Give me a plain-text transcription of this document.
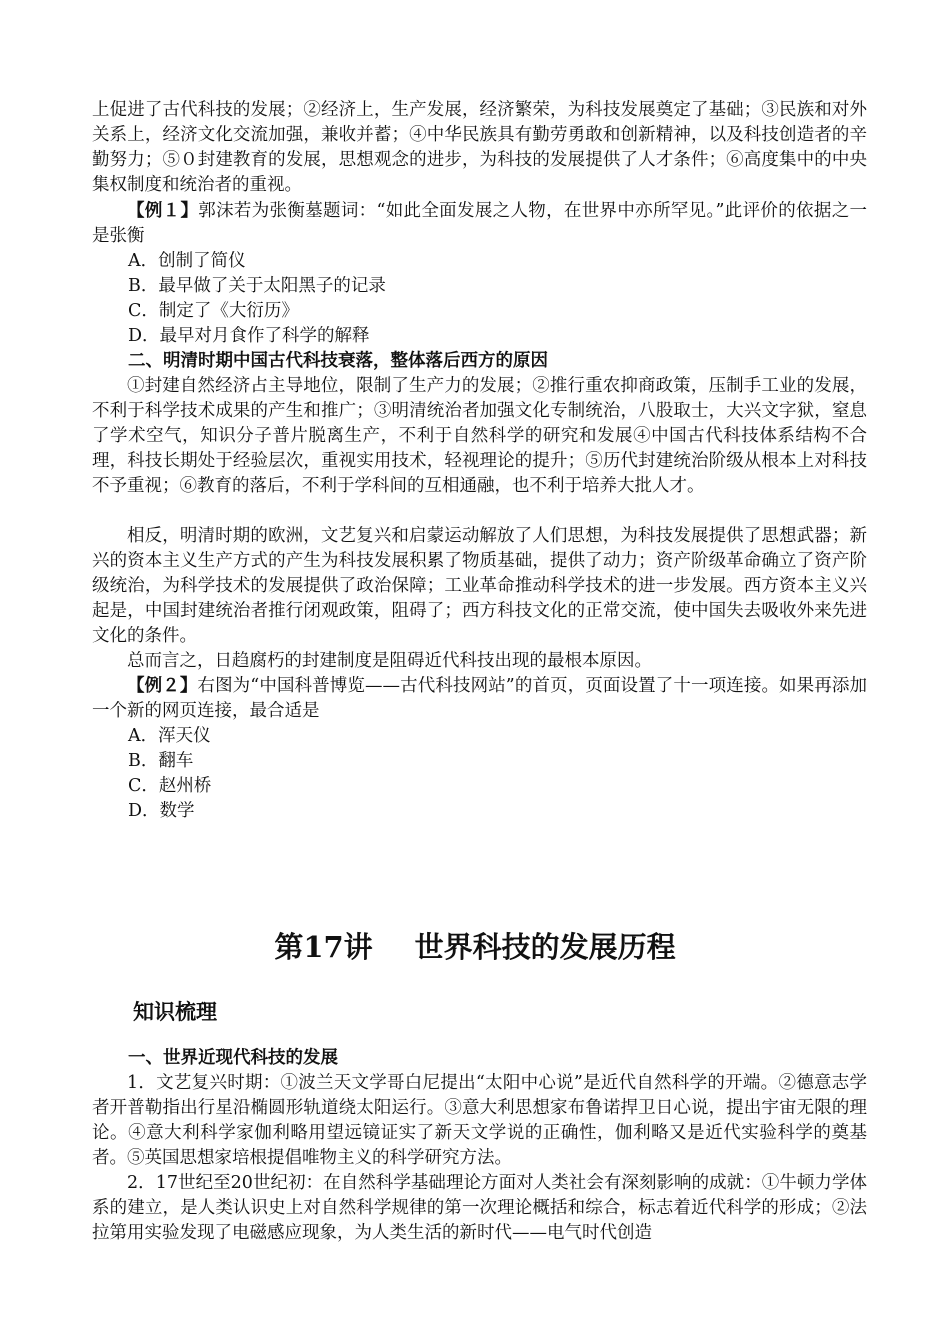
上促进了古代科技的发展；②经济上，生产发展，经济繁荣，为科技发展奠定了基础；③民族和对外关系上，经济文化交流加强，兼收并蓄；④中华民族具有勤劳勇敢和创新精神，以及科技创造者的辛勤努力；⑤０封建教育的发展，思想观念的进步，为科技的发展提供了人才条件；⑥高度集中的中央集权制度和统治者的重视。

【例１】郭沫若为张衡墓题词：“如此全面发展之人物，在世界中亦所罕见。”此评价的依据之一是张衡

A．创制了简仪

B．最早做了关于太阳黑子的记录

C．制定了《大衍历》

D．最早对月食作了科学的解释

二、明清时期中国古代科技衰落，整体落后西方的原因

①封建自然经济占主导地位，限制了生产力的发展；②推行重农抑商政策，压制手工业的发展，不利于科学技术成果的产生和推广；③明清统治者加强文化专制统治，八股取士，大兴文字狱，窒息了学术空气，知识分子普片脱离生产，不利于自然科学的研究和发展④中国古代科技体系结构不合理，科技长期处于经验层次，重视实用技术，轻视理论的提升；⑤历代封建统治阶级从根本上对科技不予重视；⑥教育的落后，不利于学科间的互相通融，也不利于培养大批人才。

相反，明清时期的欧洲，文艺复兴和启蒙运动解放了人们思想，为科技发展提供了思想武器；新兴的资本主义生产方式的产生为科技发展积累了物质基础，提供了动力；资产阶级革命确立了资产阶级统治，为科学技术的发展提供了政治保障；工业革命推动科学技术的进一步发展。西方资本主义兴起是，中国封建统治者推行闭观政策，阻碍了；西方科技文化的正常交流，使中国失去吸收外来先进文化的条件。

总而言之，日趋腐朽的封建制度是阻碍近代科技出现的最根本原因。

【例２】右图为“中国科普博览——古代科技网站”的首页，页面设置了十一项连接。如果再添加一个新的网页连接，最合适是

A．浑天仪

B．翻车

C．赵州桥

D．数学

第17讲 世界科技的发展历程
知识梳理

一、世界近现代科技的发展

1．文艺复兴时期：①波兰天文学哥白尼提出“太阳中心说”是近代自然科学的开端。②德意志学者开普勒指出行星沿椭圆形轨道绕太阳运行。③意大利思想家布鲁诺捍卫日心说，提出宇宙无限的理论。④意大利科学家伽利略用望远镜证实了新天文学说的正确性，伽利略又是近代实验科学的奠基者。⑤英国思想家培根提倡唯物主义的科学研究方法。

2．17世纪至20世纪初：在自然科学基础理论方面对人类社会有深刻影响的成就：①牛顿力学体系的建立，是人类认识史上对自然科学规律的第一次理论概括和综合，标志着近代科学的形成；②法拉第用实验发现了电磁感应现象，为人类生活的新时代——电气时代创造
